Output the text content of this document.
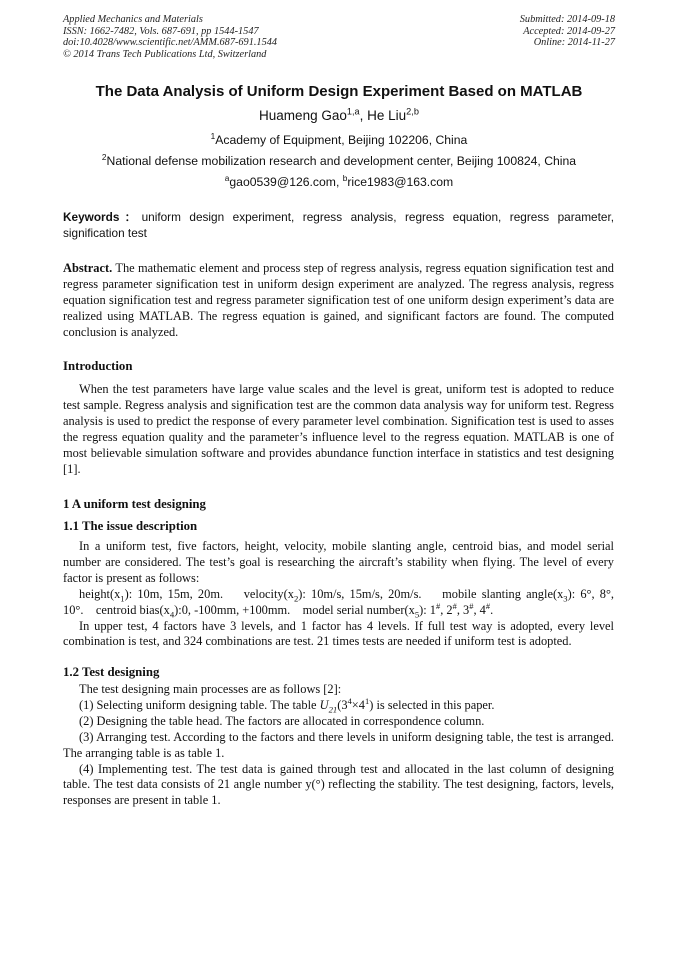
Applied Mechanics and Materials
ISSN: 1662-7482, Vols. 687-691, pp 1544-1547
doi:10.4028/www.scientific.net/AMM.687-691.1544
© 2014 Trans Tech Publications Ltd, Switzerland
Submitted: 2014-09-18
Accepted: 2014-09-27
Online: 2014-11-27
The Data Analysis of Uniform Design Experiment Based on MATLAB
Huameng Gao$^{1,a}$, He Liu$^{2,b}$
$^1$Academy of Equipment, Beijing 102206, China
$^2$National defense mobilization research and development center, Beijing 100824, China
$^a$gao0539@126.com, $^b$rice1983@163.com
Keywords：uniform design experiment, regress analysis, regress equation, regress parameter, signification test

Abstract. The mathematic element and process step of regress analysis, regress equation signification test and regress parameter signification test in uniform design experiment are analyzed. The regress analysis, regress equation signification test and regress parameter signification test of one uniform design experiment’s data are realized using MATLAB. The regress equation is gained, and significant factors are found. The computed conclusion is analyzed.

Introduction

When the test parameters have large value scales and the level is great, uniform test is adopted to reduce test sample. Regress analysis and signification test are the common data analysis way for uniform test. Regress analysis is used to predict the response of every parameter level combination. Signification test is used to asses the regress equation quality and the parameter’s influence level to the regress equation. MATLAB is one of most believable simulation software and provides abundance function interface in statistics and test designing [1].

1 A uniform test designing
1.1 The issue description

In a uniform test, five factors, height, velocity, mobile slanting angle, centroid bias, and model serial number are considered. The test’s goal is researching the aircraft’s stability when flying. The level of every factor is present as follows:

$height(x_1)$: 10m, 15m, 20m. $velocity(x_2)$: 10m/s, 15m/s, 20m/s. mobile slanting $angle(x_3)$: 6°, 8°, 10°. centroid $bias(x_4):0$, -100mm, +100mm. model serial $number(x_5)$: 1#, 2#, 3#, 4#.

In upper test, 4 factors have 3 levels, and 1 factor has 4 levels. If full test way is adopted, every level combination is test, and 324 combinations are test. 21 times tests are needed if uniform test is adopted.

1.2 Test designing

The test designing main processes are as follows [2]:

(1) Selecting uniform designing table. The table $U_{21}(3^4\times 4^1)$ is selected in this paper.

(2) Designing the table head. The factors are allocated in correspondence column.

(3) Arranging test. According to the factors and there levels in uniform designing table, the test is arranged. The arranging table is as table 1.

(4) Implementing test. The test data is gained through test and allocated in the last column of designing table. The test data consists of 21 angle number y(°) reflecting the stability. The test designing, factors, levels, responses are present in table 1.
